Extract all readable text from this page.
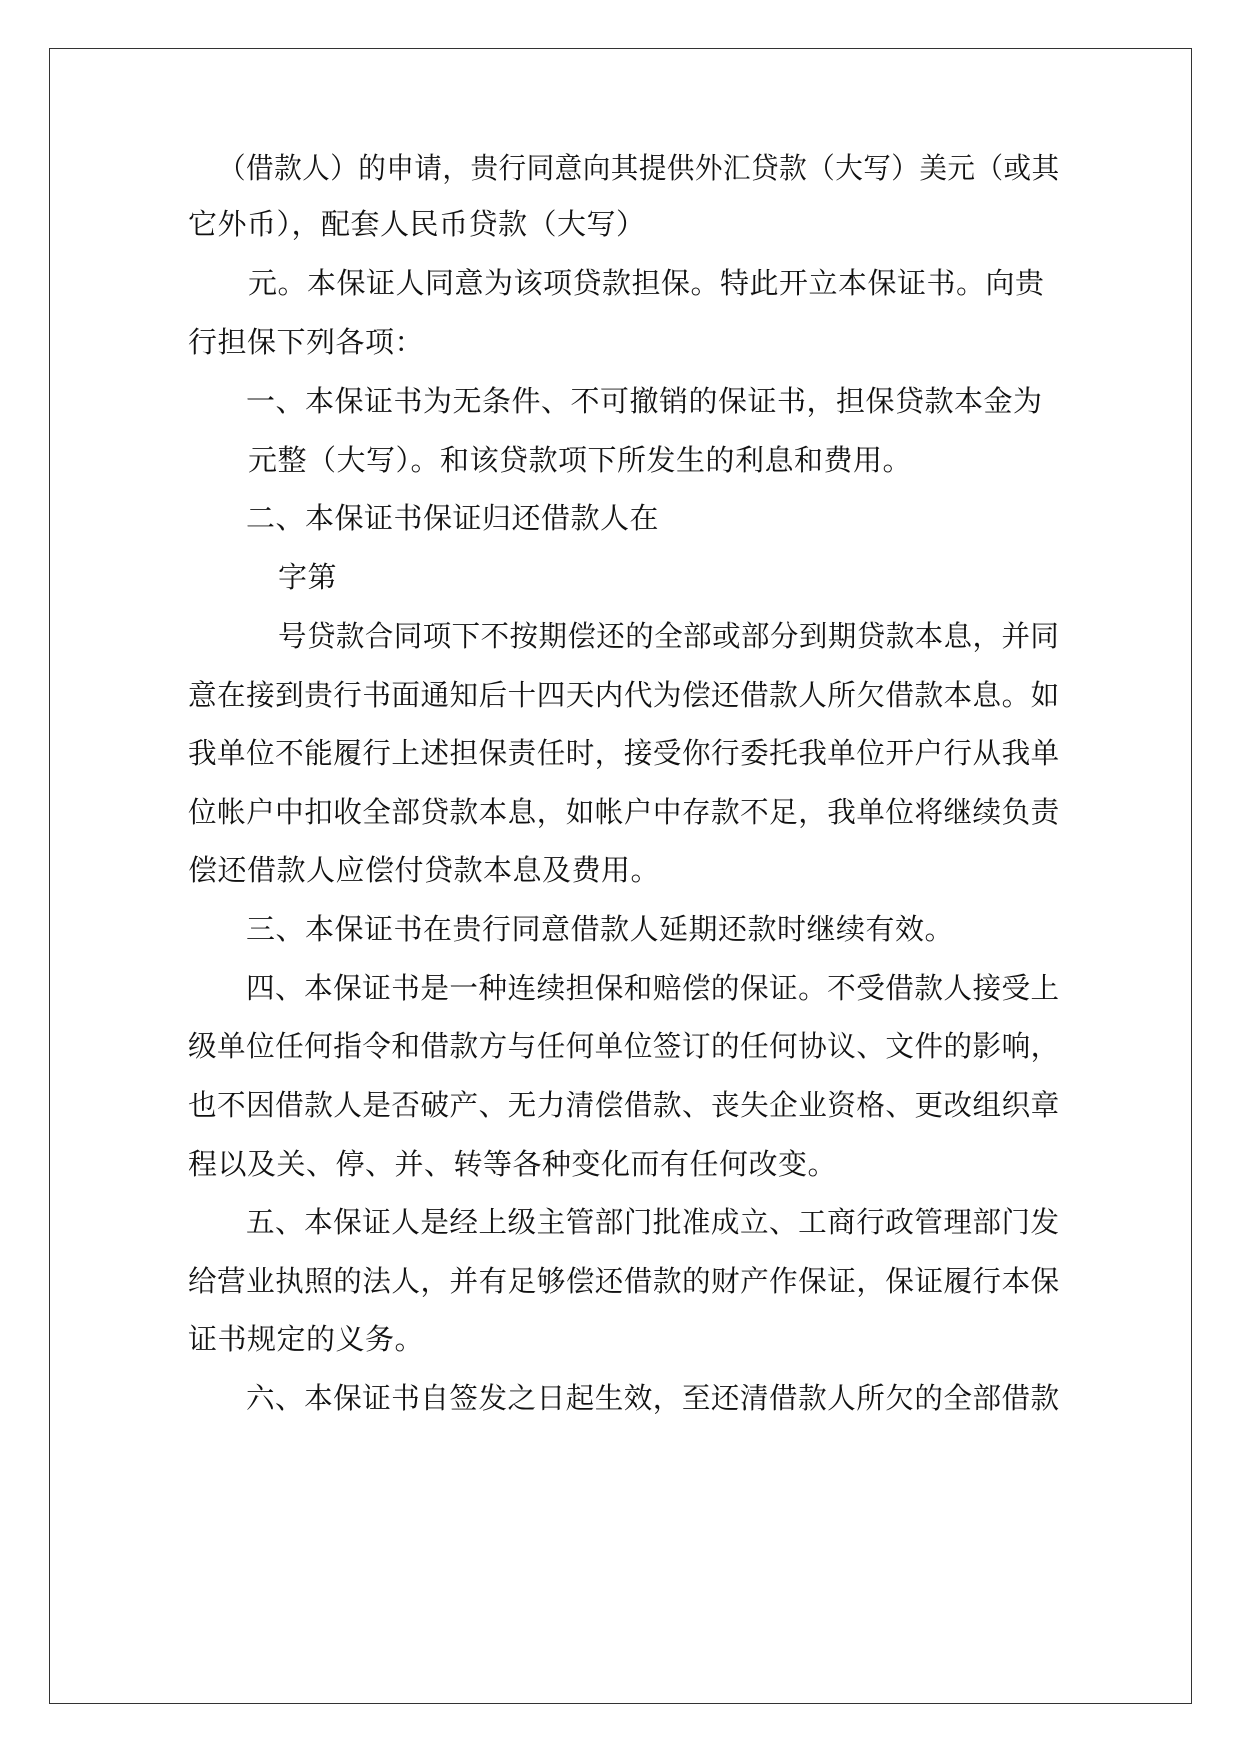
（借款人）的申请，贵行同意向其提供外汇贷款（大写）美元（或其
它外币），配套人民币贷款（大写）
元。本保证人同意为该项贷款担保。特此开立本保证书。向贵
行担保下列各项：
一、本保证书为无条件、不可撤销的保证书，担保贷款本金为
元整（大写）。和该贷款项下所发生的利息和费用。
二、本保证书保证归还借款人在
字第
号贷款合同项下不按期偿还的全部或部分到期贷款本息，并同
意在接到贵行书面通知后十四天内代为偿还借款人所欠借款本息。如
我单位不能履行上述担保责任时，接受你行委托我单位开户行从我单
位帐户中扣收全部贷款本息，如帐户中存款不足，我单位将继续负责
偿还借款人应偿付贷款本息及费用。
三、本保证书在贵行同意借款人延期还款时继续有效。
四、本保证书是一种连续担保和赔偿的保证。不受借款人接受上
级单位任何指令和借款方与任何单位签订的任何协议、文件的影响，
也不因借款人是否破产、无力清偿借款、丧失企业资格、更改组织章
程以及关、停、并、转等各种变化而有任何改变。
五、本保证人是经上级主管部门批准成立、工商行政管理部门发
给营业执照的法人，并有足够偿还借款的财产作保证，保证履行本保
证书规定的义务。
六、本保证书自签发之日起生效，至还清借款人所欠的全部借款
